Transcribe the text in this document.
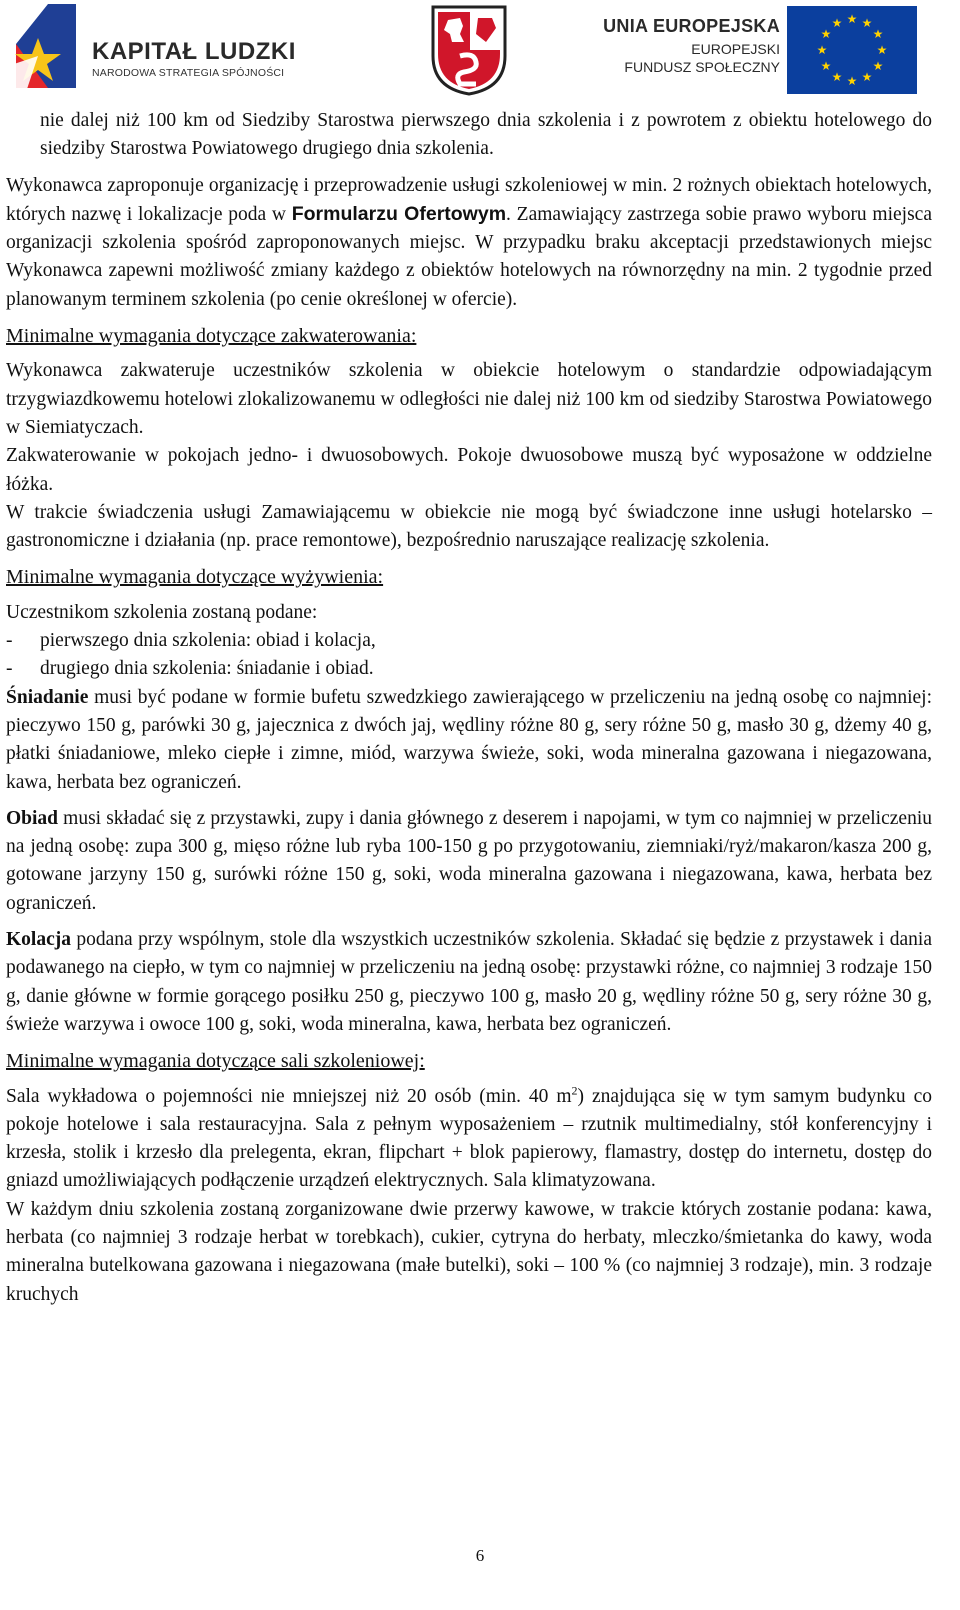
KAPITAŁ LUDZKI
NARODOWA STRATEGIA SPÓJNOŚCI
UNIA EUROPEJSKA
EUROPEJSKI
FUNDUSZ SPOŁECZNY
★ ★
★
★
★
★
★
★
★
★
★
★

nie dalej niż 100 km od Siedziby Starostwa pierwszego dnia szkolenia i z powrotem z obiektu hotelowego do siedziby Starostwa Powiatowego drugiego dnia szkolenia.

Wykonawca zaproponuje organizację i przeprowadzenie usługi szkoleniowej w min. 2 rożnych obiektach hotelowych, których nazwę i lokalizacje poda w Formularzu Ofertowym. Zamawiający zastrzega sobie prawo wyboru miejsca organizacji szkolenia spośród zaproponowanych miejsc. W przypadku braku akceptacji przedstawionych miejsc Wykonawca zapewni możliwość zmiany każdego z obiektów hotelowych na równorzędny na min. 2 tygodnie przed planowanym terminem szkolenia (po cenie określonej w ofercie).

Minimalne wymagania dotyczące zakwaterowania:

Wykonawca zakwateruje uczestników szkolenia w obiekcie hotelowym o standardzie odpowiadającym trzygwiazdkowemu hotelowi zlokalizowanemu w odległości nie dalej niż 100 km od siedziby Starostwa Powiatowego w Siemiatyczach.

Zakwaterowanie w pokojach jedno- i dwuosobowych. Pokoje dwuosobowe muszą być wyposażone w oddzielne łóżka.

W trakcie świadczenia usługi Zamawiającemu w obiekcie nie mogą być świadczone inne usługi hotelarsko – gastronomiczne i działania (np. prace remontowe), bezpośrednio naruszające realizację szkolenia.

Minimalne wymagania dotyczące wyżywienia:

Uczestnikom szkolenia zostaną podane:

-	pierwszego dnia szkolenia: obiad i kolacja,
-	drugiego dnia szkolenia: śniadanie i obiad.

Śniadanie musi być podane w formie bufetu szwedzkiego zawierającego w przeliczeniu na jedną osobę co najmniej: pieczywo 150 g, parówki 30 g, jajecznica z dwóch jaj, wędliny różne 80 g, sery różne 50 g, masło 30 g, dżemy 40 g, płatki śniadaniowe, mleko ciepłe i zimne, miód, warzywa świeże, soki, woda mineralna gazowana i niegazowana, kawa, herbata bez ograniczeń.

Obiad musi składać się z przystawki, zupy i dania głównego z deserem i napojami, w tym co najmniej w przeliczeniu na jedną osobę: zupa 300 g, mięso różne lub ryba 100-150 g po przygotowaniu, ziemniaki/ryż/makaron/kasza 200 g, gotowane jarzyny 150 g, surówki różne 150 g, soki, woda mineralna gazowana i niegazowana, kawa, herbata bez ograniczeń.

Kolacja podana przy wspólnym, stole dla wszystkich uczestników szkolenia. Składać się będzie z przystawek i dania podawanego na ciepło, w tym co najmniej w przeliczeniu na jedną osobę: przystawki różne, co najmniej 3 rodzaje 150 g, danie główne w formie gorącego posiłku 250 g, pieczywo 100 g, masło 20 g, wędliny różne 50 g, sery różne 30 g, świeże warzywa i owoce 100 g, soki, woda mineralna, kawa, herbata bez ograniczeń.

Minimalne wymagania dotyczące sali szkoleniowej:

Sala wykładowa o pojemności nie mniejszej niż 20 osób (min. 40 $m^2$) znajdująca się w tym samym budynku co pokoje hotelowe i sala restauracyjna. Sala z pełnym wyposażeniem – rzutnik multimedialny, stół konferencyjny i krzesła, stolik i krzesło dla prelegenta, ekran, flipchart + blok papierowy, flamastry, dostęp do internetu, dostęp do gniazd umożliwiających podłączenie urządzeń elektrycznych. Sala klimatyzowana.

W każdym dniu szkolenia zostaną zorganizowane dwie przerwy kawowe, w trakcie których zostanie podana: kawa, herbata (co najmniej 3 rodzaje herbat w torebkach), cukier, cytryna do herbaty, mleczko/śmietanka do kawy, woda mineralna butelkowana gazowana i niegazowana (małe butelki), soki – 100 % (co najmniej 3 rodzaje), min. 3 rodzaje kruchych

6
